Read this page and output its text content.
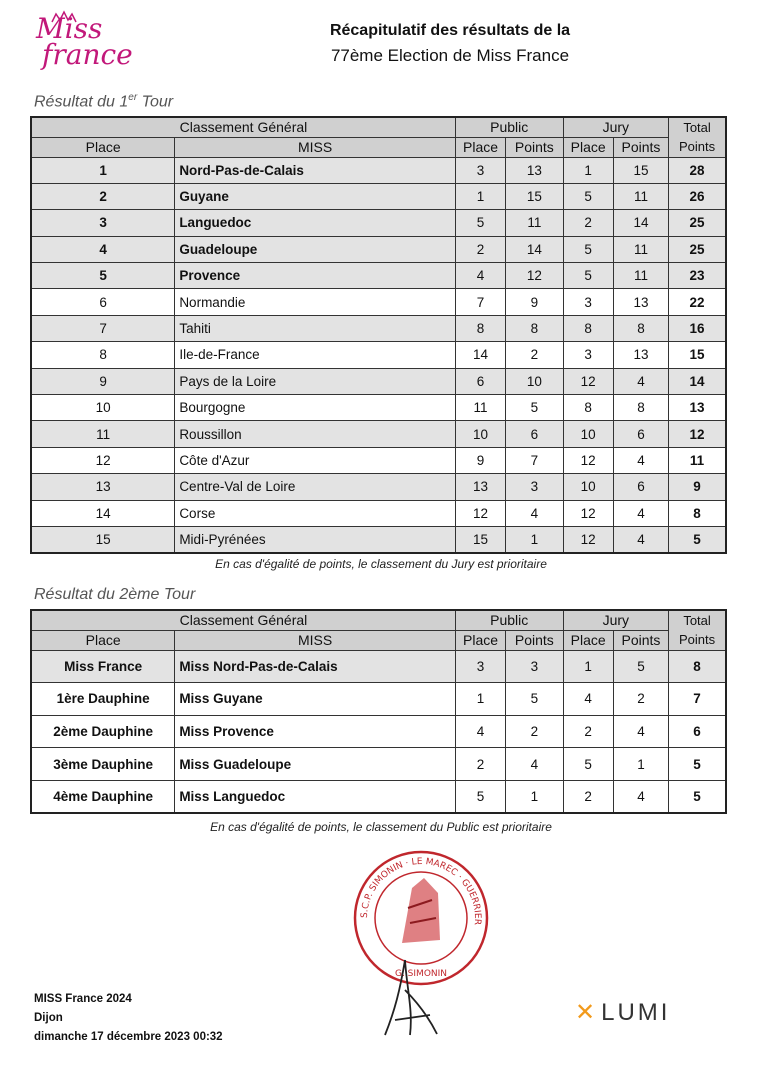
Miss
france
Récapitulatif des résultats de la
77ème Election de Miss France
Résultat du 1er Tour
Classement Général		Public		Jury		Total
Points
Place	MISS	Place	Points	Place	Points	
1	Nord-Pas-de-Calais	3	13	1	15	28
2	Guyane	1	15	5	11	26
3	Languedoc	5	11	2	14	25
4	Guadeloupe	2	14	5	11	25
5	Provence	4	12	5	11	23
6	Normandie	7	9	3	13	22
7	Tahiti	8	8	8	8	16
8	Ile-de-France	14	2	3	13	15
9	Pays de la Loire	6	10	12	4	14
10	Bourgogne	11	5	8	8	13
11	Roussillon	10	6	10	6	12
12	Côte d'Azur	9	7	12	4	11
13	Centre-Val de Loire	13	3	10	6	9
14	Corse	12	4	12	4	8
15	Midi-Pyrénées	15	1	12	4	5
En cas d'égalité de points, le classement du Jury est prioritaire
Résultat du 2ème Tour
Classement Général		Public		Jury		Total
Points
Place	MISS	Place	Points	Place	Points	
Miss France	Miss Nord-Pas-de-Calais	3	3	1	5	8
1ère Dauphine	Miss Guyane	1	5	4	2	7
2ème Dauphine	Miss Provence	4	2	2	4	6
3ème Dauphine	Miss Guadeloupe	2	4	5	1	5
4ème Dauphine	Miss Languedoc	5	1	2	4	5
En cas d'égalité de points, le classement du Public est prioritaire
S.C.P. SIMONIN · LE MAREC · GUERRIER
G. SIMONIN
MISS France 2024
Dijon
dimanche 17 décembre 2023 00:32
✕ LUMI
